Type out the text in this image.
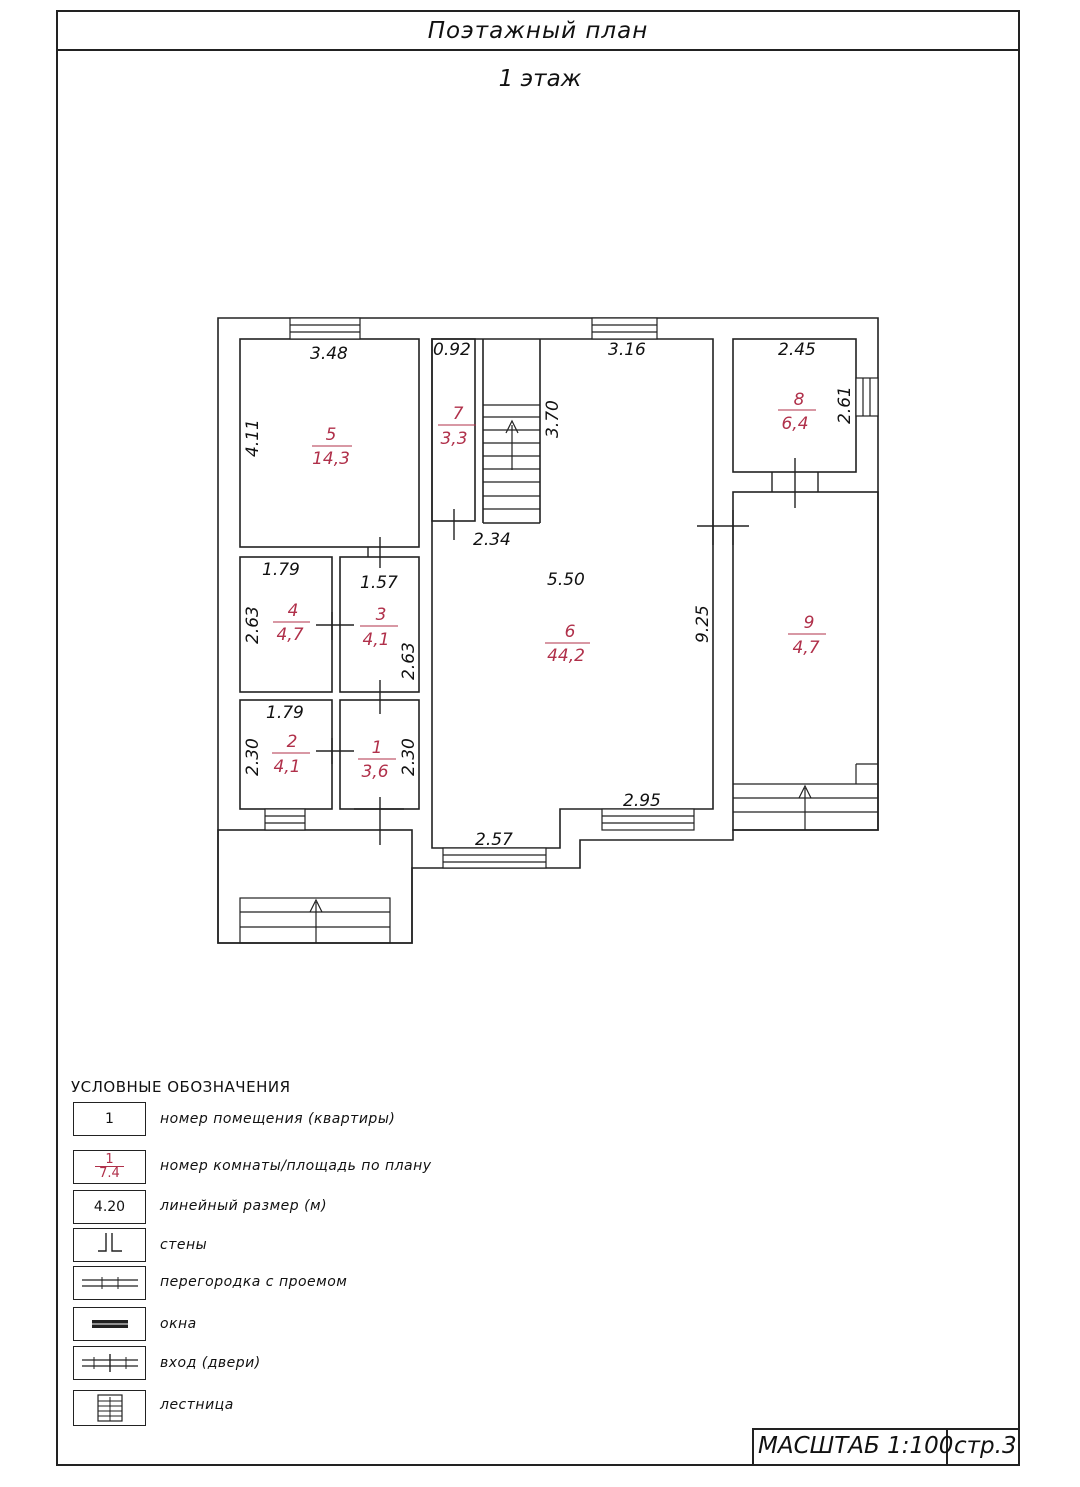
Поэтажный план
1 этаж
3.48	0.92	3.16	2.45
4.11
3.70	2.61
2.34
1.79
1.57	5.50
2.63
2.63
9.25
1.79
2.30	2.30
2.95
2.57
5
14,3
7
3,3
8
6,4
4
4,7
3
4,1	6
44,2
9
4,7
2
4,1
1
3,6
УСЛОВНЫЕ ОБОЗНАЧЕНИЯ
1	номер помещения (квартиры)
1
7.4	номер комнаты/площадь по плану
4.20 линейный размер (м)
стены
перегородка с проемом
окна
вход (двери)
лестница
МАСШТАБ 1:100 стр.3
